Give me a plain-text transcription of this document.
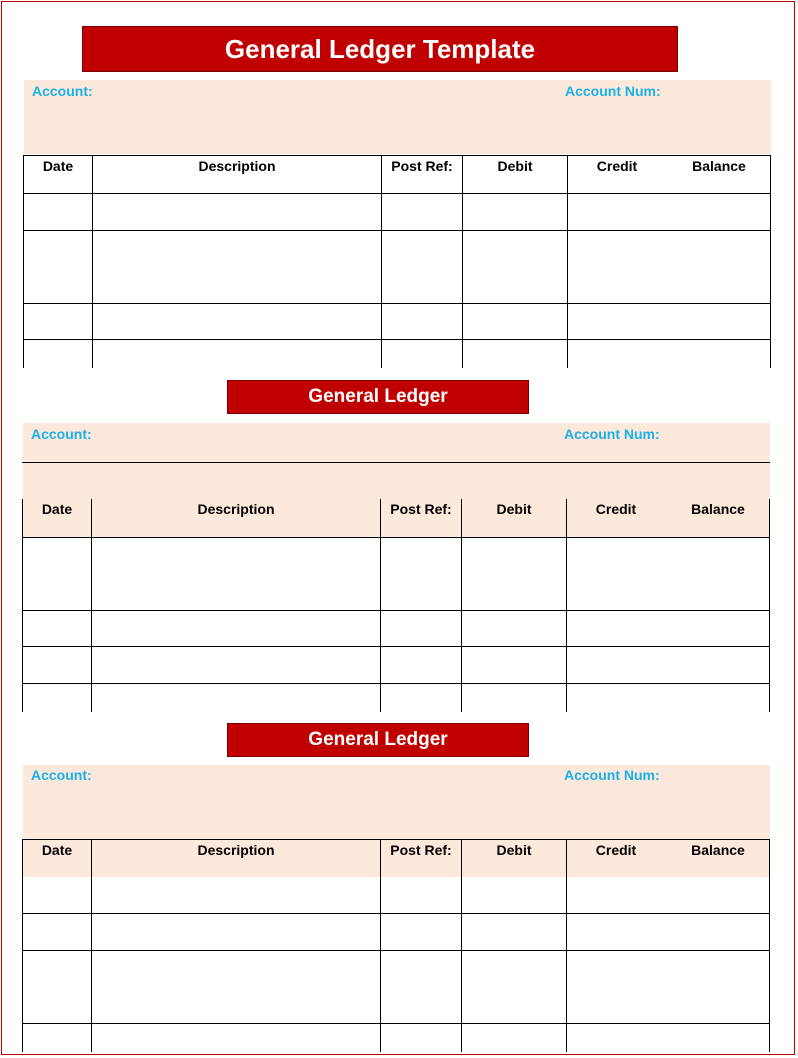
General Ledger Template
Account:	Account Num:
Date	Description	Post Ref:	Debit	Credit	Balance
General Ledger
Account:	Account Num:
Date	Description	Post Ref:	Debit	Credit	Balance
General Ledger
Account:	Account Num:
Date	Description	Post Ref:	Debit	Credit	Balance
